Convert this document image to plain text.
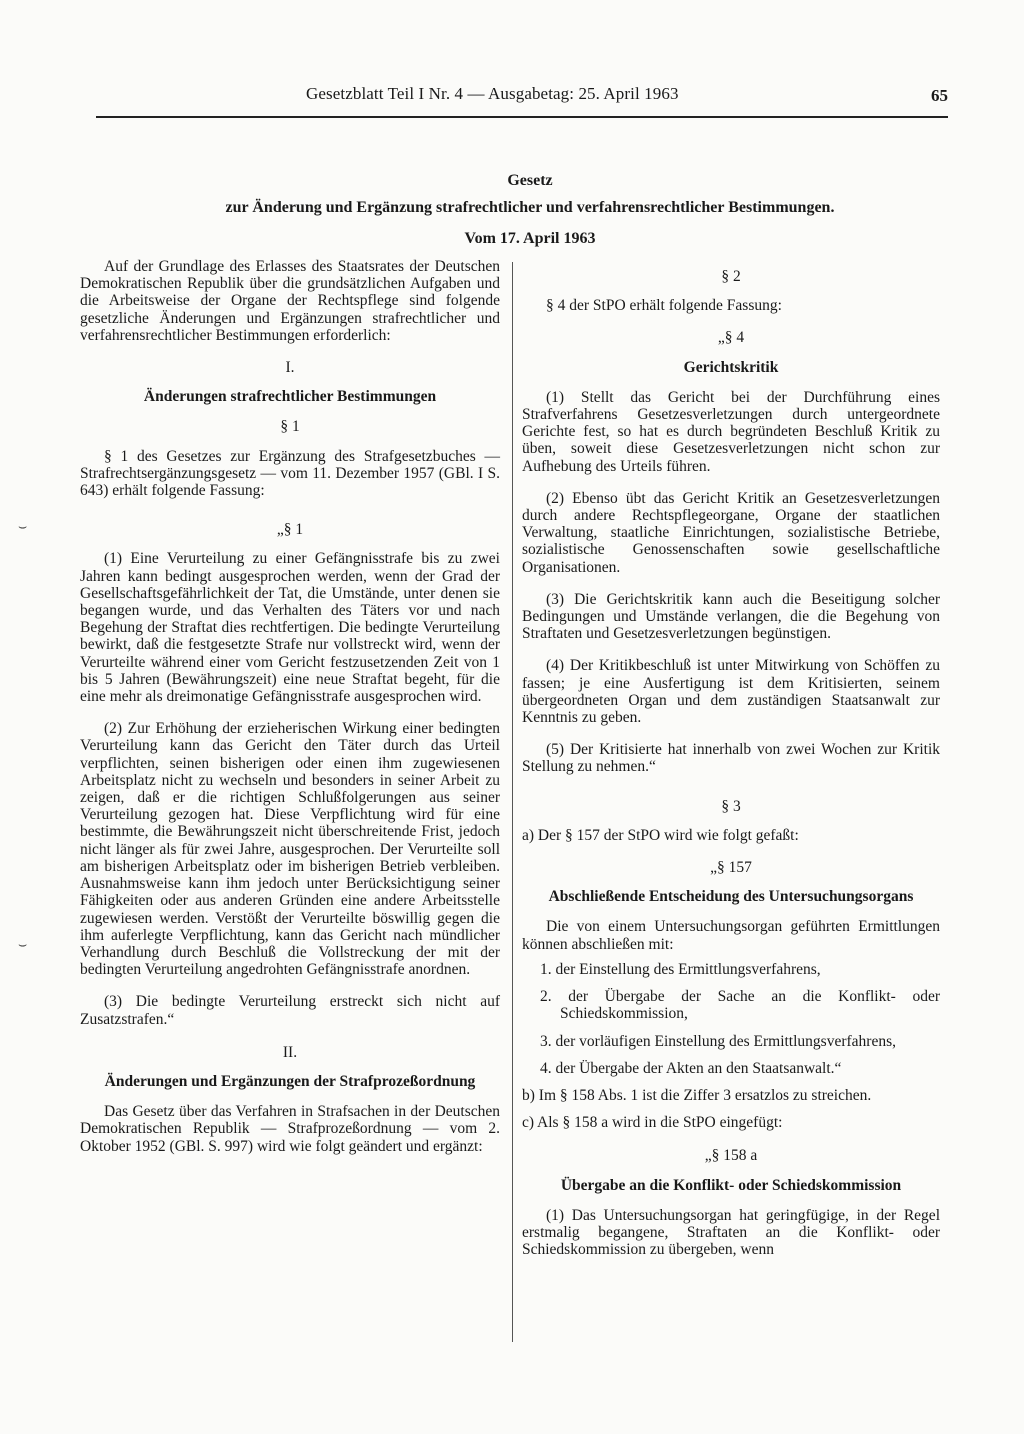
Gesetzblatt Teil I Nr. 4 — Ausgabetag: 25. April 1963	65
Gesetz
zur Änderung und Ergänzung strafrechtlicher und verfahrensrechtlicher Bestimmungen.
Vom 17. April 1963

Auf der Grundlage des Erlasses des Staatsrates der Deutschen Demokratischen Republik über die grundsätzlichen Aufgaben und die Arbeitsweise der Organe der Rechtspflege sind folgende gesetzliche Änderungen und Ergänzungen strafrechtlicher und verfahrensrechtlicher Bestimmungen erforderlich:

I.
Änderungen strafrechtlicher Bestimmungen
§ 1

§ 1 des Gesetzes zur Ergänzung des Strafgesetzbuches — Strafrechtsergänzungsgesetz — vom 11. Dezember 1957 (GBl. I S. 643) erhält folgende Fassung:

„§ 1

(1) Eine Verurteilung zu einer Gefängnisstrafe bis zu zwei Jahren kann bedingt ausgesprochen werden, wenn der Grad der Gesellschaftsgefährlichkeit der Tat, die Umstände, unter denen sie begangen wurde, und das Verhalten des Täters vor und nach Begehung der Straftat dies rechtfertigen. Die bedingte Verurteilung bewirkt, daß die festgesetzte Strafe nur vollstreckt wird, wenn der Verurteilte während einer vom Gericht festzusetzenden Zeit von 1 bis 5 Jahren (Bewährungszeit) eine neue Straftat begeht, für die eine mehr als dreimonatige Gefängnisstrafe ausgesprochen wird.

(2) Zur Erhöhung der erzieherischen Wirkung einer bedingten Verurteilung kann das Gericht den Täter durch das Urteil verpflichten, seinen bisherigen oder einen ihm zugewiesenen Arbeitsplatz nicht zu wechseln und besonders in seiner Arbeit zu zeigen, daß er die richtigen Schlußfolgerungen aus seiner Verurteilung gezogen hat. Diese Verpflichtung wird für eine bestimmte, die Bewährungszeit nicht überschreitende Frist, jedoch nicht länger als für zwei Jahre, ausgesprochen. Der Verurteilte soll am bisherigen Arbeitsplatz oder im bisherigen Betrieb verbleiben. Ausnahmsweise kann ihm jedoch unter Berücksichtigung seiner Fähigkeiten oder aus anderen Gründen eine andere Arbeitsstelle zugewiesen werden. Verstößt der Verurteilte böswillig gegen die ihm auferlegte Verpflichtung, kann das Gericht nach mündlicher Verhandlung durch Beschluß die Vollstreckung der mit der bedingten Verurteilung angedrohten Gefängnisstrafe anordnen.

(3) Die bedingte Verurteilung erstreckt sich nicht auf Zusatzstrafen.“

II.
Änderungen und Ergänzungen der Strafprozeßordnung

Das Gesetz über das Verfahren in Strafsachen in der Deutschen Demokratischen Republik — Strafprozeßordnung — vom 2. Oktober 1952 (GBl. S. 997) wird wie folgt geändert und ergänzt:

§ 2

§ 4 der StPO erhält folgende Fassung:

„§ 4
Gerichtskritik

(1) Stellt das Gericht bei der Durchführung eines Strafverfahrens Gesetzesverletzungen durch untergeordnete Gerichte fest, so hat es durch begründeten Beschluß Kritik zu üben, soweit diese Gesetzesverletzungen nicht schon zur Aufhebung des Urteils führen.

(2) Ebenso übt das Gericht Kritik an Gesetzesverletzungen durch andere Rechtspflegeorgane, Organe der staatlichen Verwaltung, staatliche Einrichtungen, sozialistische Betriebe, sozialistische Genossenschaften sowie gesellschaftliche Organisationen.

(3) Die Gerichtskritik kann auch die Beseitigung solcher Bedingungen und Umstände verlangen, die die Begehung von Straftaten und Gesetzesverletzungen begünstigen.

(4) Der Kritikbeschluß ist unter Mitwirkung von Schöffen zu fassen; je eine Ausfertigung ist dem Kritisierten, seinem übergeordneten Organ und dem zuständigen Staatsanwalt zur Kenntnis zu geben.

(5) Der Kritisierte hat innerhalb von zwei Wochen zur Kritik Stellung zu nehmen.“

§ 3

a) Der § 157 der StPO wird wie folgt gefaßt:

„§ 157
Abschließende Entscheidung des Untersuchungsorgans

Die von einem Untersuchungsorgan geführten Ermittlungen können abschließen mit:

1. der Einstellung des Ermittlungsverfahrens,
2. der Übergabe der Sache an die Konflikt- oder Schiedskommission,
3. der vorläufigen Einstellung des Ermittlungsverfahrens,
4. der Übergabe der Akten an den Staatsanwalt.“
b) Im § 158 Abs. 1 ist die Ziffer 3 ersatzlos zu streichen.
c) Als § 158 a wird in die StPO eingefügt:
„§ 158 a
Übergabe an die Konflikt- oder Schiedskommission

(1) Das Untersuchungsorgan hat geringfügige, in der Regel erstmalig begangene, Straftaten an die Konflikt- oder Schiedskommission zu übergeben, wenn

⌣
⌣
